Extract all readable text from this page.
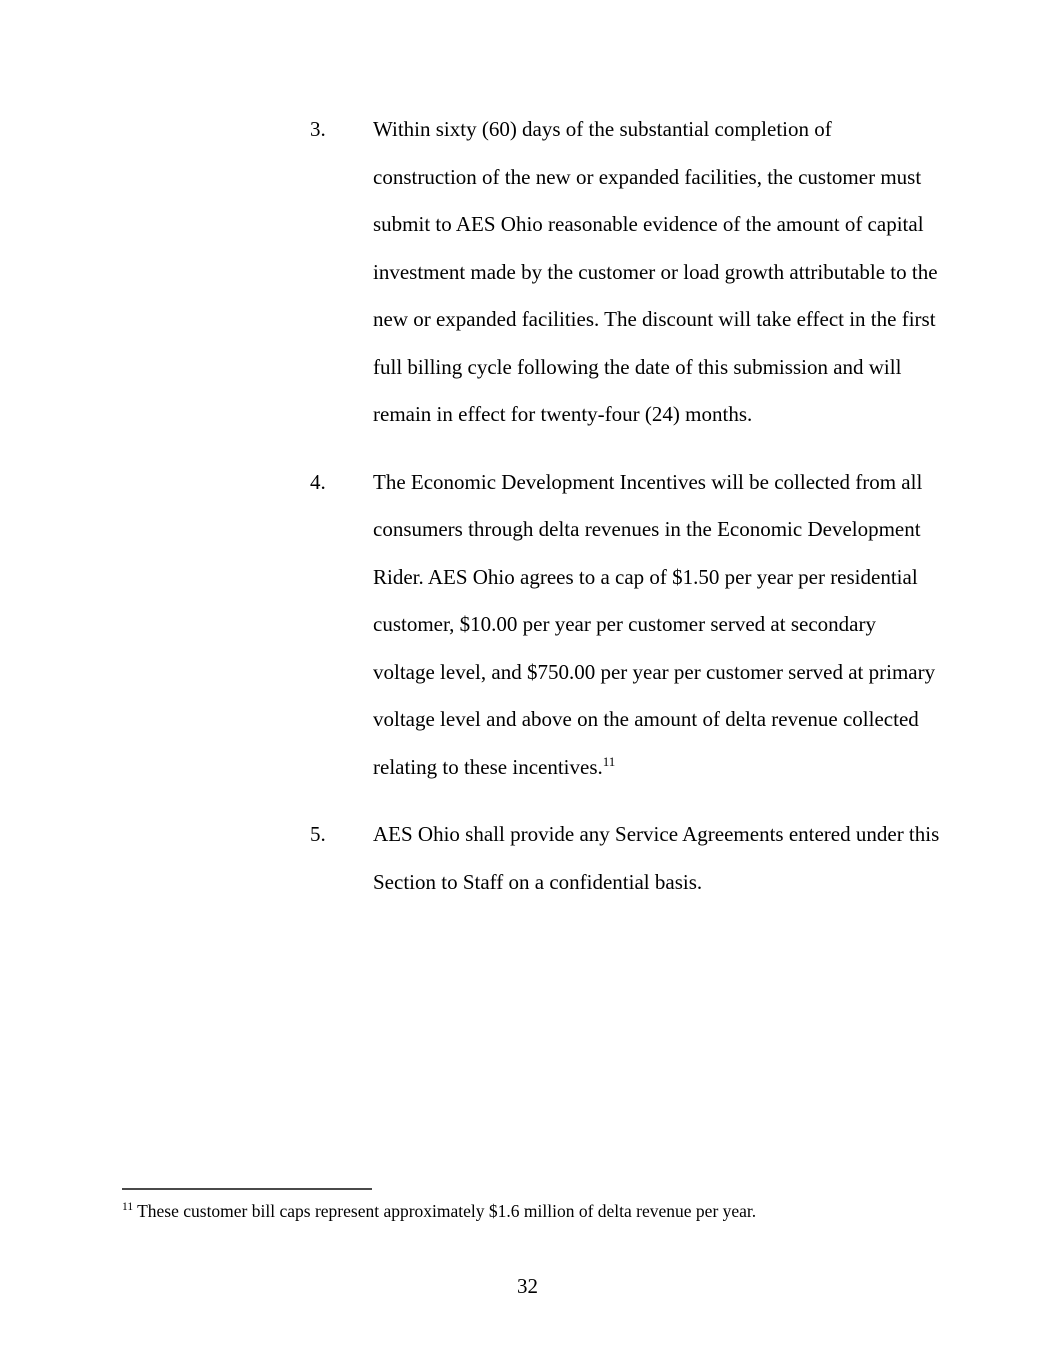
3.	Within sixty (60) days of the substantial completion of construction of the new or expanded facilities, the customer must submit to AES Ohio reasonable evidence of the amount of capital investment made by the customer or load growth attributable to the new or expanded facilities. The discount will take effect in the first full billing cycle following the date of this submission and will remain in effect for twenty-four (24) months.

4.	The Economic Development Incentives will be collected from all consumers through delta revenues in the Economic Development Rider. AES Ohio agrees to a cap of $1.50 per year per residential customer, $10.00 per year per customer served at secondary voltage level, and $750.00 per year per customer served at primary voltage level and above on the amount of delta revenue collected relating to these incentives.$^{11}$

5.	AES Ohio shall provide any Service Agreements entered under this Section to Staff on a confidential basis.

$^{11}$ These customer bill caps represent approximately $1.6 million of delta revenue per year.

32
